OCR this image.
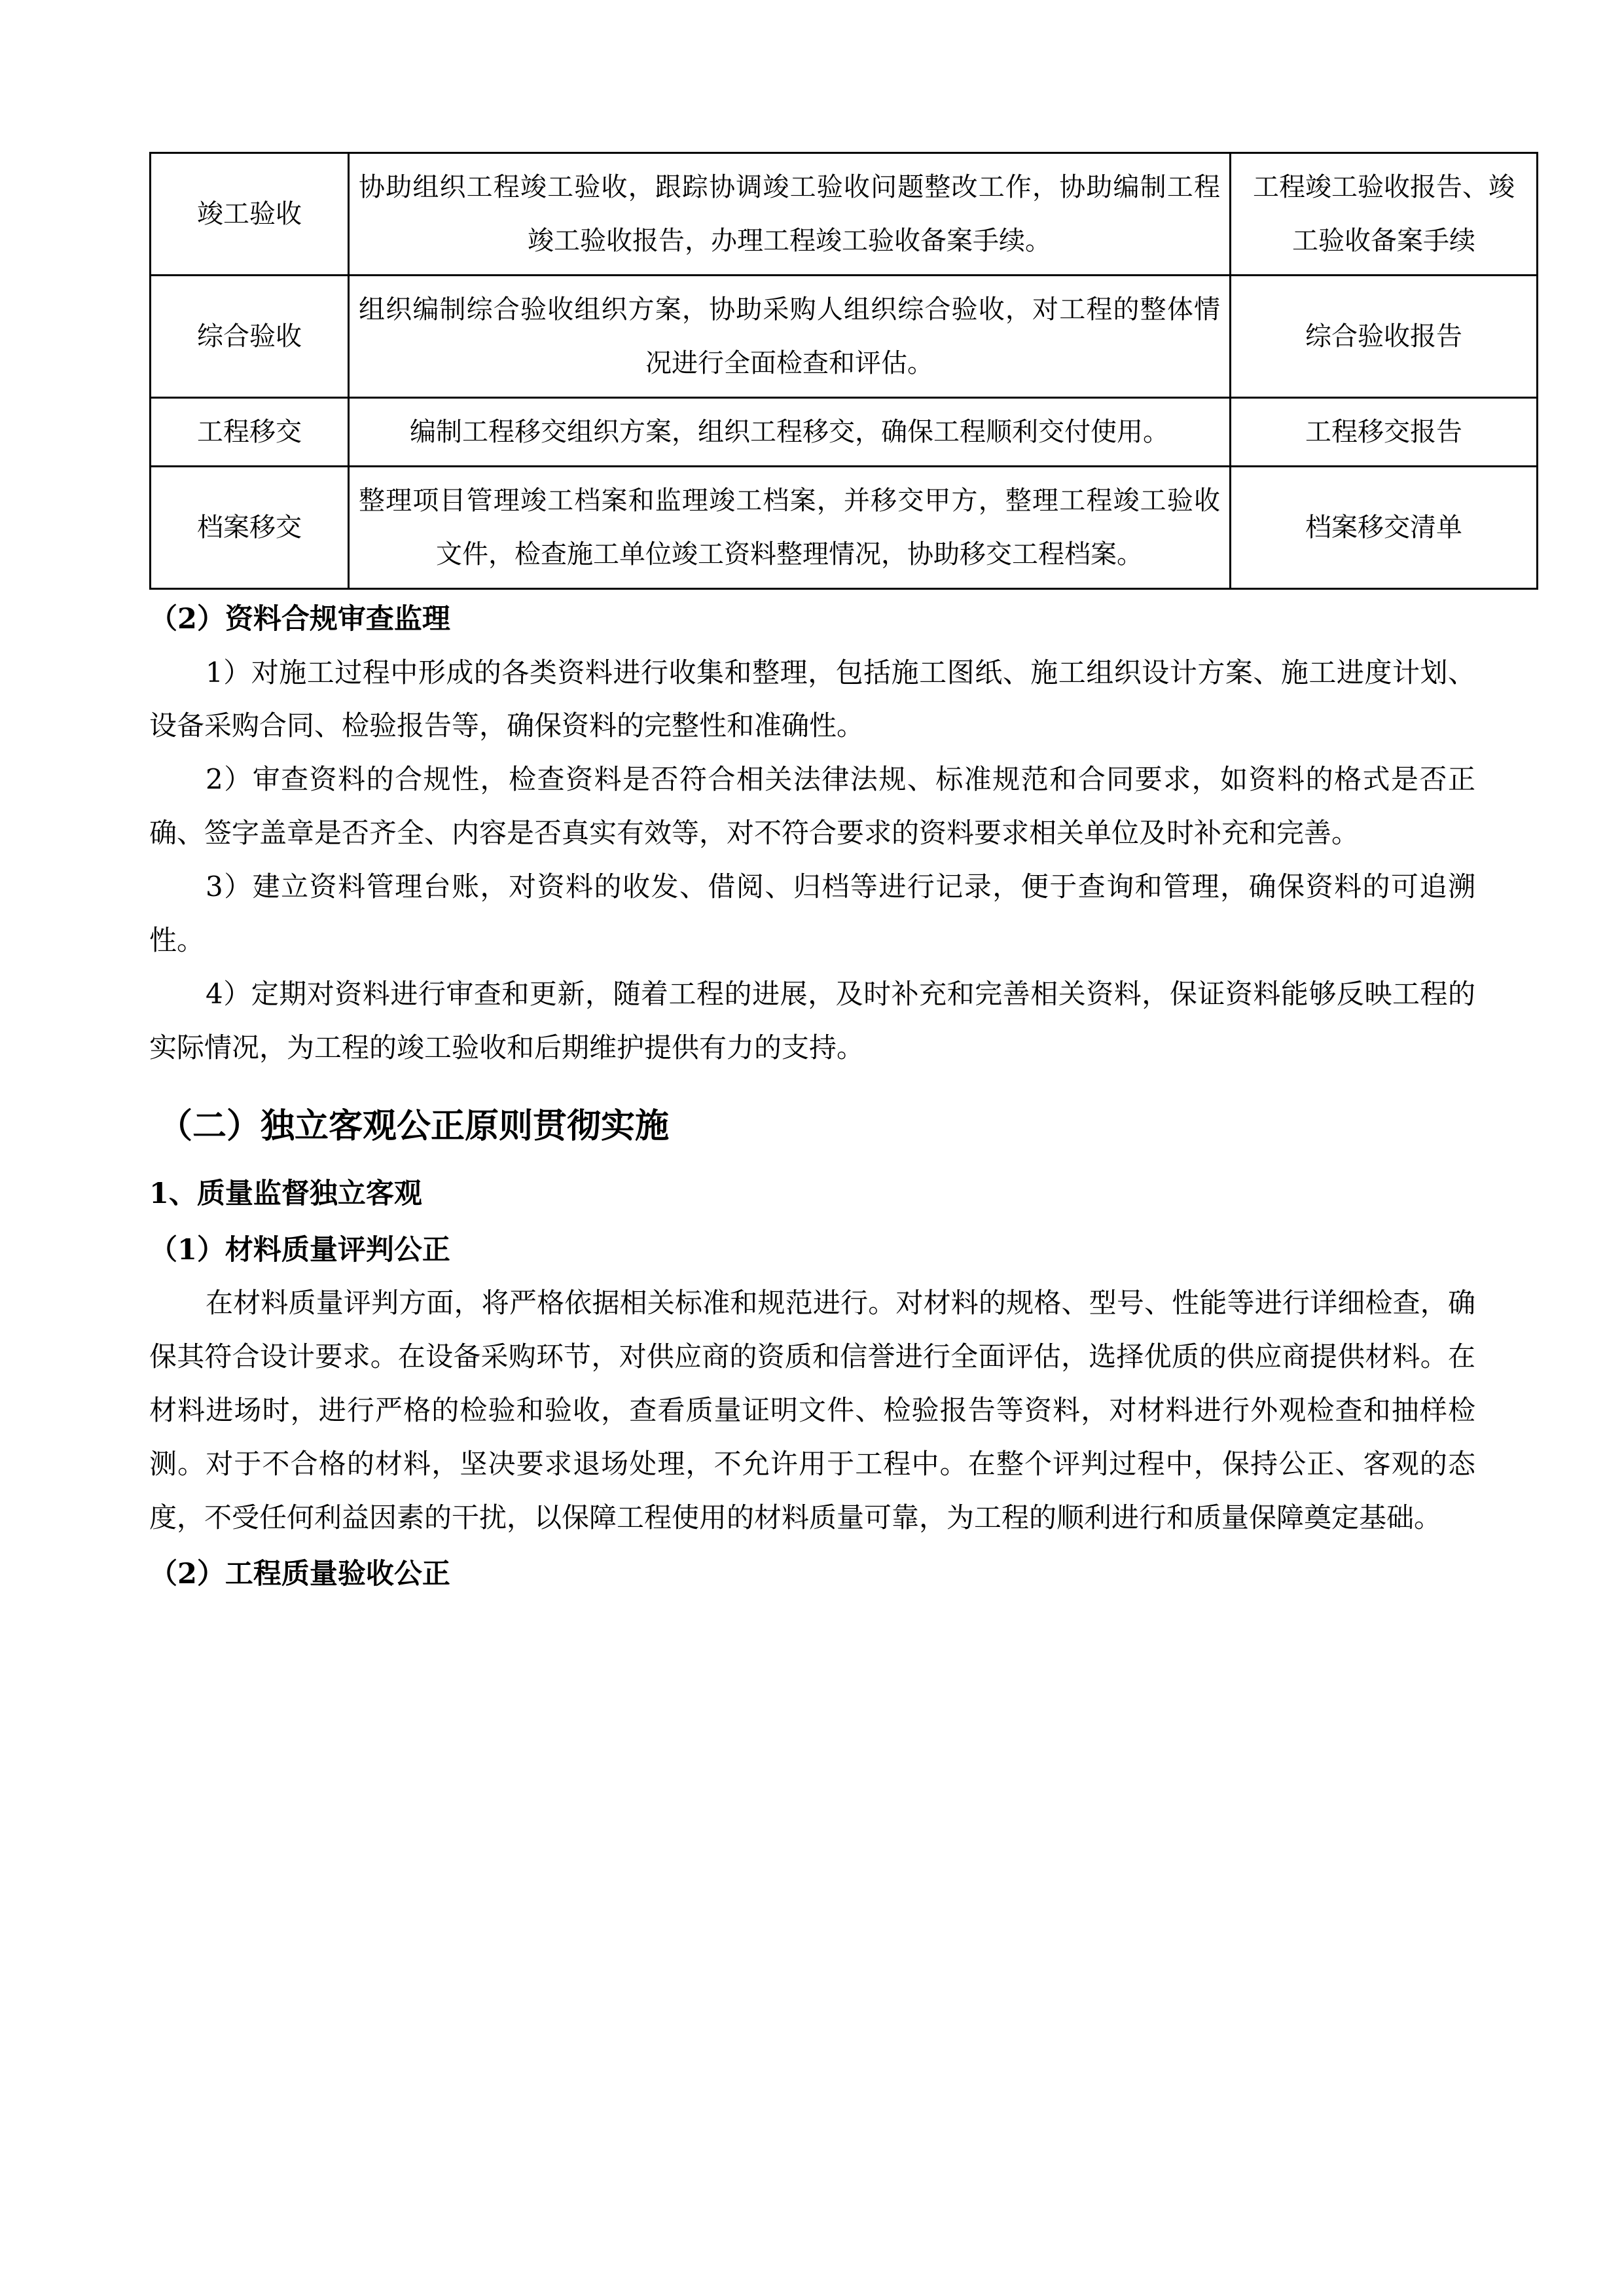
竣工验收	协助组织工程竣工验收，跟踪协调竣工验收问题整改工作，协助编制工程竣工验收报告，办理工程竣工验收备案手续。	工程竣工验收报告、竣工验收备案手续
综合验收	组织编制综合验收组织方案，协助采购人组织综合验收，对工程的整体情况进行全面检查和评估。	综合验收报告
工程移交	编制工程移交组织方案，组织工程移交，确保工程顺利交付使用。	工程移交报告
档案移交	整理项目管理竣工档案和监理竣工档案，并移交甲方，整理工程竣工验收文件，检查施工单位竣工资料整理情况，协助移交工程档案。	档案移交清单
（2）资料合规审查监理

1）对施工过程中形成的各类资料进行收集和整理，包括施工图纸、施工组织设计方案、施工进度计划、设备采购合同、检验报告等，确保资料的完整性和准确性。

2）审查资料的合规性，检查资料是否符合相关法律法规、标准规范和合同要求，如资料的格式是否正确、签字盖章是否齐全、内容是否真实有效等，对不符合要求的资料要求相关单位及时补充和完善。

3）建立资料管理台账，对资料的收发、借阅、归档等进行记录，便于查询和管理，确保资料的可追溯性。

4）定期对资料进行审查和更新，随着工程的进展，及时补充和完善相关资料，保证资料能够反映工程的实际情况，为工程的竣工验收和后期维护提供有力的支持。

（二）独立客观公正原则贯彻实施
1、质量监督独立客观
（1）材料质量评判公正

在材料质量评判方面，将严格依据相关标准和规范进行。对材料的规格、型号、性能等进行详细检查，确保其符合设计要求。在设备采购环节，对供应商的资质和信誉进行全面评估，选择优质的供应商提供材料。在材料进场时，进行严格的检验和验收，查看质量证明文件、检验报告等资料，对材料进行外观检查和抽样检测。对于不合格的材料，坚决要求退场处理，不允许用于工程中。在整个评判过程中，保持公正、客观的态度，不受任何利益因素的干扰，以保障工程使用的材料质量可靠，为工程的顺利进行和质量保障奠定基础。

（2）工程质量验收公正
